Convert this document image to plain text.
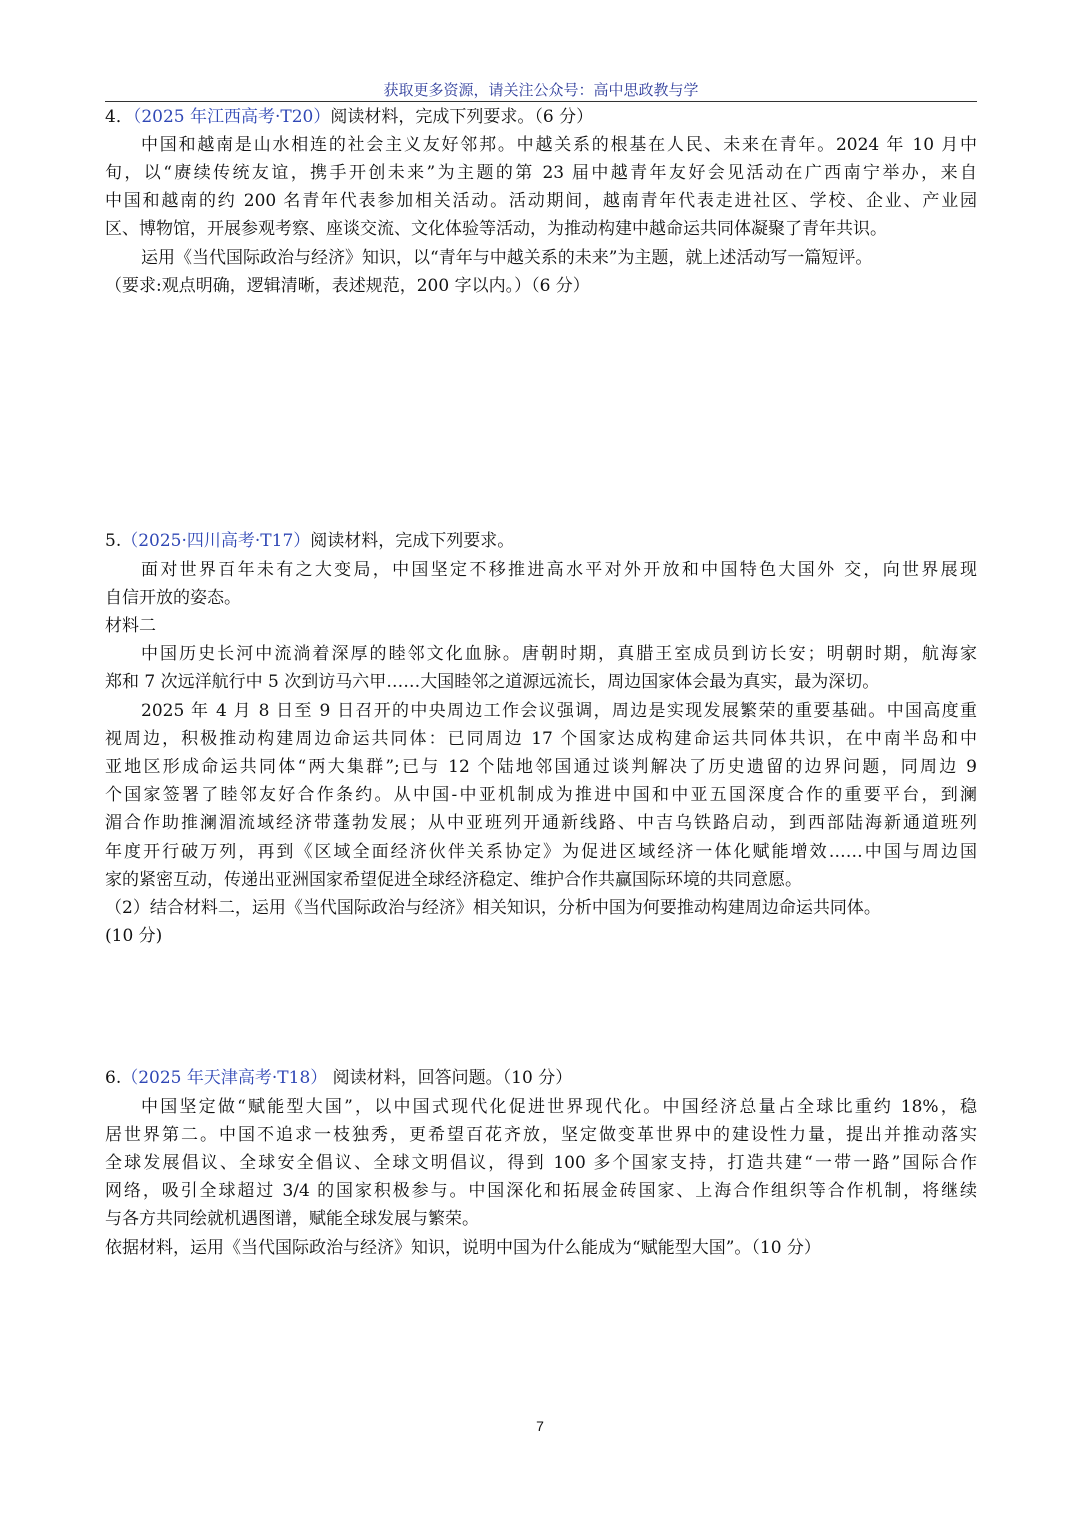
获取更多资源，请关注公众号：高中思政教与学
4．（2025 年江西高考·T20）阅读材料，完成下列要求。（6 分）
中国和越南是山水相连的社会主义友好邻邦。中越关系的根基在人民、未来在青年。2024 年 10 月中
旬，以“赓续传统友谊，携手开创未来”为主题的第 23 届中越青年友好会见活动在广西南宁举办，来自
中国和越南的约 200 名青年代表参加相关活动。活动期间，越南青年代表走进社区、学校、企业、产业园
区、博物馆，开展参观考察、座谈交流、文化体验等活动，为推动构建中越命运共同体凝聚了青年共识。
运用《当代国际政治与经济》知识，以“青年与中越关系的未来”为主题，就上述活动写一篇短评。
（要求:观点明确，逻辑清晰，表述规范，200 字以内。）（6 分）
5.（2025·四川高考·T17）阅读材料，完成下列要求。
面对世界百年未有之大变局，中国坚定不移推进高水平对外开放和中国特色大国外 交，向世界展现
自信开放的姿态。
材料二
中国历史长河中流淌着深厚的睦邻文化血脉。唐朝时期，真腊王室成员到访长安；明朝时期，航海家
郑和 7 次远洋航行中 5 次到访马六甲……大国睦邻之道源远流长，周边国家体会最为真实，最为深切。
2025 年 4 月 8 日至 9 日召开的中央周边工作会议强调，周边是实现发展繁荣的重要基础。中国高度重
视周边，积极推动构建周边命运共同体：已同周边 17 个国家达成构建命运共同体共识，在中南半岛和中
亚地区形成命运共同体“两大集群”;已与 12 个陆地邻国通过谈判解决了历史遗留的边界问题，同周边 9
个国家签署了睦邻友好合作条约。从中国-中亚机制成为推进中国和中亚五国深度合作的重要平台，到澜
湄合作助推澜湄流域经济带蓬勃发展；从中亚班列开通新线路、中吉乌铁路启动，到西部陆海新通道班列
年度开行破万列，再到《区域全面经济伙伴关系协定》为促进区域经济一体化赋能增效……中国与周边国
家的紧密互动，传递出亚洲国家希望促进全球经济稳定、维护合作共赢国际环境的共同意愿。
（2）结合材料二，运用《当代国际政治与经济》相关知识，分析中国为何要推动构建周边命运共同体。
(10 分)
6.（2025 年天津高考·T18） 阅读材料，回答问题。（10 分）
中国坚定做“赋能型大国”，以中国式现代化促进世界现代化。中国经济总量占全球比重约 18%，稳
居世界第二。中国不追求一枝独秀，更希望百花齐放，坚定做变革世界中的建设性力量，提出并推动落实
全球发展倡议、全球安全倡议、全球文明倡议，得到 100 多个国家支持，打造共建“一带一路”国际合作
网络，吸引全球超过 3/4 的国家积极参与。中国深化和拓展金砖国家、上海合作组织等合作机制，将继续
与各方共同绘就机遇图谱，赋能全球发展与繁荣。
依据材料，运用《当代国际政治与经济》知识，说明中国为什么能成为“赋能型大国”。（10 分）
7
